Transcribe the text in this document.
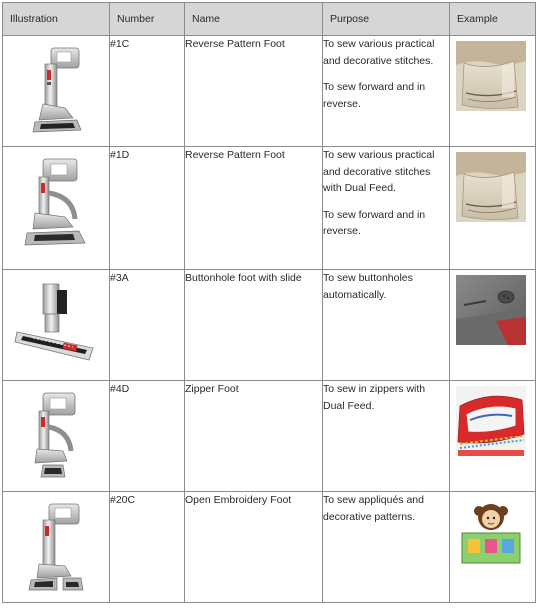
Illustration	Number	Name	Purpose	Example

	#1C	Reverse Pattern Foot	To sew various practical and decorative stitches.

To sew forward and in reverse.

	#1D	Reverse Pattern Foot	To sew various practical and decorative stitches with Dual Feed.

To sew forward and in reverse.

	#3A	Buttonhole foot with slide	To sew buttonholes automatically.

	#4D	Zipper Foot	To sew in zippers with Dual Feed.

	#20C	Open Embroidery Foot	To sew appliqués and decorative patterns.
